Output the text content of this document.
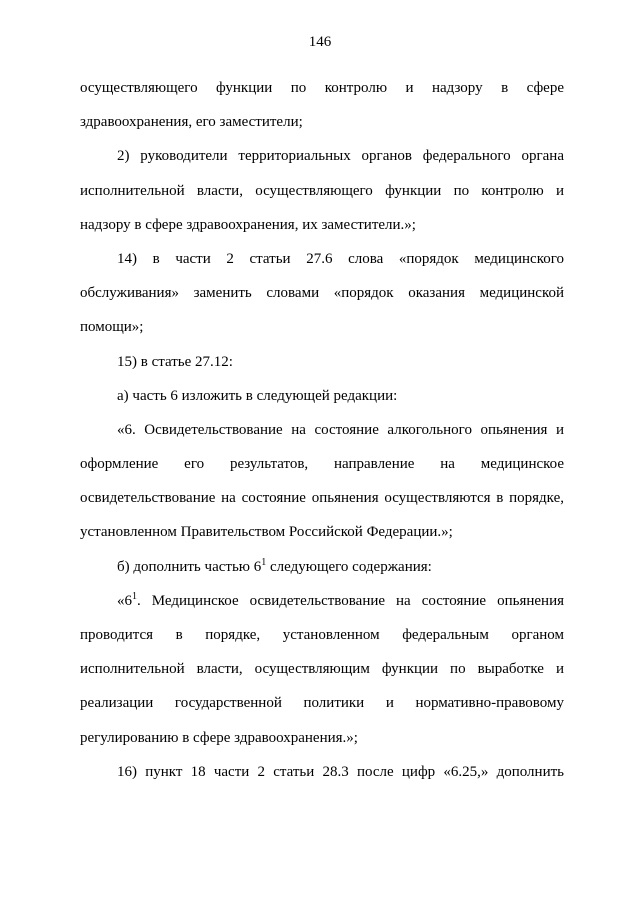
146
осуществляющего функции по контролю и надзору в сфере
здравоохранения, его заместители;
2) руководители территориальных органов федерального органа
исполнительной власти, осуществляющего функции по контролю и
надзору в сфере здравоохранения, их заместители.»;
14) в части 2 статьи 27.6 слова «порядок медицинского
обслуживания» заменить словами «порядок оказания медицинской
помощи»;
15) в статье 27.12:
а) часть 6 изложить в следующей редакции:
«6. Освидетельствование на состояние алкогольного опьянения и
оформление его результатов, направление на медицинское
освидетельствование на состояние опьянения осуществляются в порядке,
установленном Правительством Российской Федерации.»;
б) дополнить частью $6^1$ следующего содержания:
«$6^1$. Медицинское освидетельствование на состояние опьянения
проводится в порядке, установленном федеральным органом
исполнительной власти, осуществляющим функции по выработке и
реализации государственной политики и нормативно-правовому
регулированию в сфере здравоохранения.»;
16) пункт 18 части 2 статьи 28.3 после цифр «6.25,» дополнить
